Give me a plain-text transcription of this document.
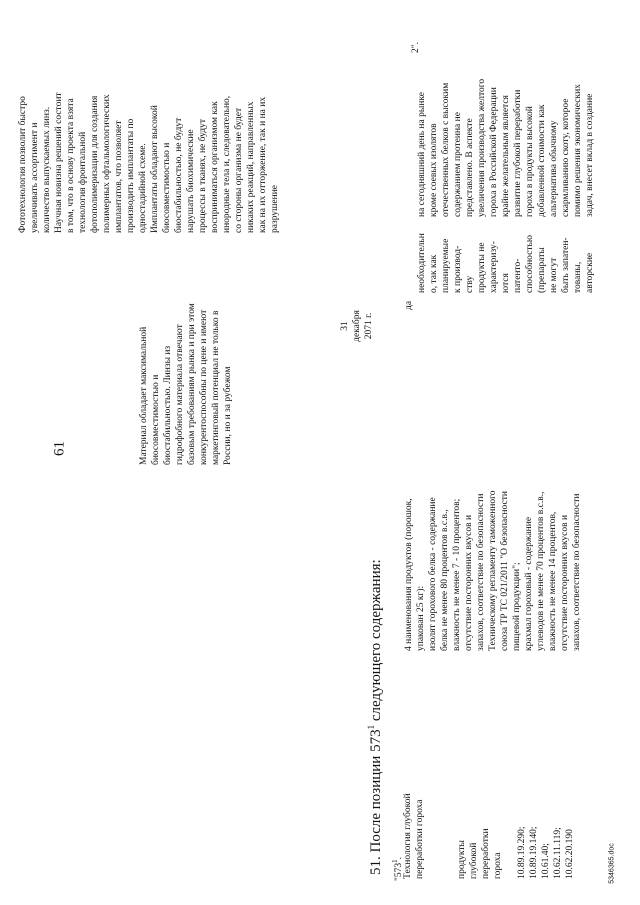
61	Материал обладает максимальной
биосовместимостью и
биостабильностью. Линзы из
гидрофобного материала отвечают
базовым требованиям рынка и при этом
конкурентоспособны по цене и имеют
маркетинговый потенциал не только в
России, но и за рубежом
Фототехнология позволит быстро
увеличивать ассортимент и
количество выпускаемых линз.
Научная новизна решений состоит
в том, что в основу проекта взята
технология фронтальной
фотополимеризации для создания
полимерных офтальмологических
имплантатов, что позволяет
производить имплантаты по
одностадийной схеме.
Имплантаты обладают высокой
биосовместимостью и
биостабильностью, не будут
нарушать биохимические
процессы в тканях, не будут
восприниматься организмом как
инородные тела и, следовательно,
со стороны организма не будет
никаких реакций, направленных
как на их отторжение, так и на их
разрушение
51. После позиции $573^1$ следующего содержания:
"$573^1$.
Технология глубокой
переработки гороха
продукты
глубокой
переработки
гороха	10.89.19.290;
10.89.19.140;
10.61.40;
10.62.11.119;
10.62.20.190
4 наименования продуктов (порошок,
упакован 25 кг):
изолят горохового белка - содержание
белка не менее 80 процентов в.с.в.,
влажность не менее 7 - 10 процентов;
отсутствие посторонних вкусов и
запахов, соответствие по безопасности
Техническому регламенту таможенного
союза ТР ТС 021/2011 "О безопасности
пищевой продукции";
крахмал гороховый - содержание
углеводов не менее 70 процентов в.с.в.,
влажность не менее 14 процентов,
отсутствие посторонних вкусов и
запахов, соответствие по безопасности
31
декабря
2071 г.
да
необходительн
о, так как
планируемые
к производ-
ству
продукты не
характеризу-
ются
патенто-
способностью
(препараты
не могут
быть запатен-
тованы,
авторские
на сегодняшний день на рынке
кроме соевых изолятов
отечественных белков с высоким
содержанием протеина не
представлено. В аспекте
увеличения производства желтого
гороха в Российской Федерации
крайне желательным является
развитие глубокой переработки
гороха в продукты высокой
добавленной стоимости как
альтернатива обычному
скармливанию скоту, которое
помимо решения экономических
задач, внесет вклад в создание
2".
5346365.doc
